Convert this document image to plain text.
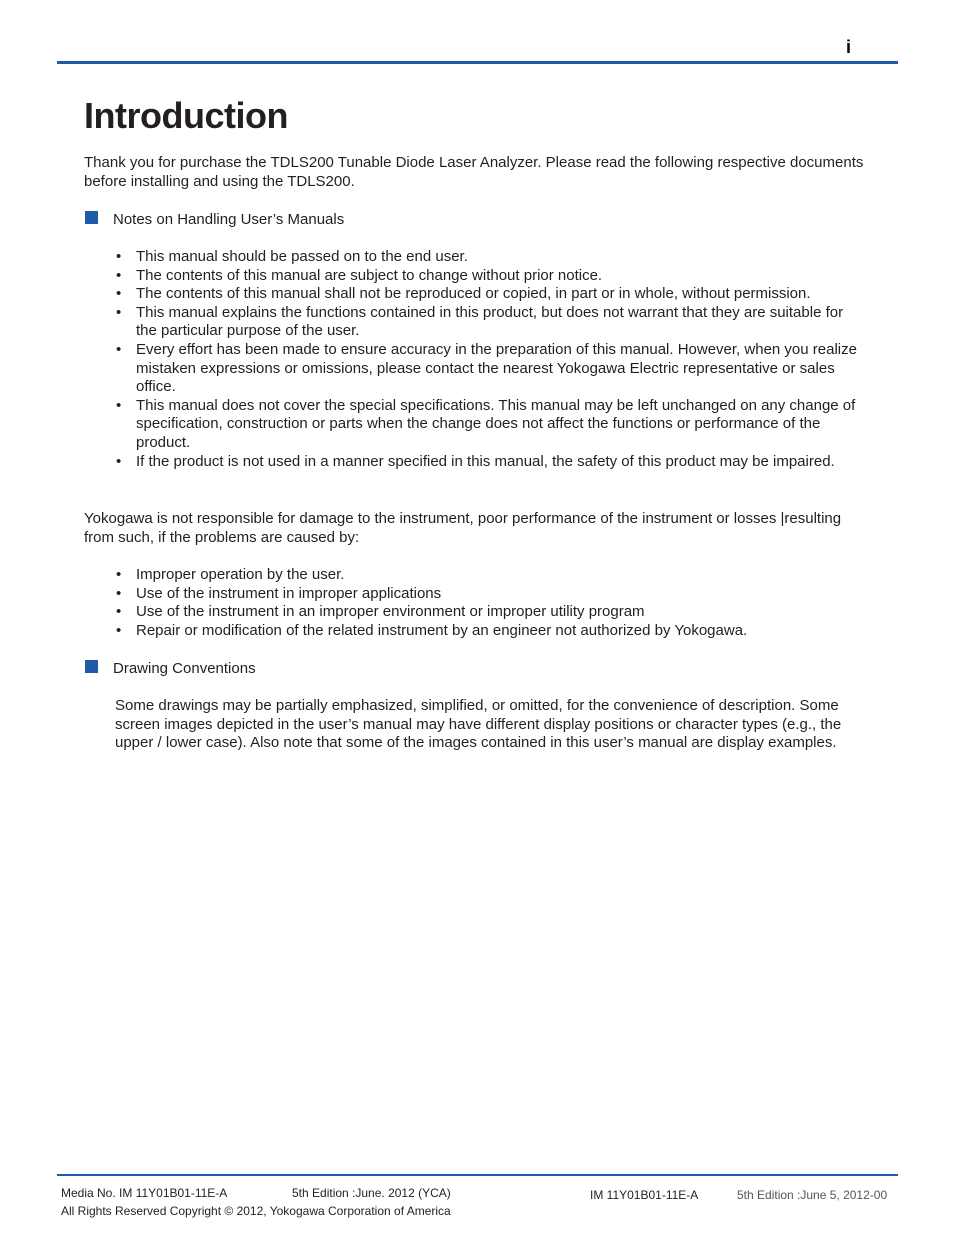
i
Introduction
Thank you for purchase the TDLS200 Tunable Diode Laser Analyzer. Please read the following respective documents before installing and using the TDLS200.
Notes on Handling User’s Manuals
• This manual should be passed on to the end user.
• The contents of this manual are subject to change without prior notice.
• The contents of this manual shall not be reproduced or copied, in part or in whole, without permission.
• This manual explains the functions contained in this product, but does not warrant that they are suitable for the particular purpose of the user.
• Every effort has been made to ensure accuracy in the preparation of this manual. However, when you realize mistaken expressions or omissions, please contact the nearest Yokogawa Electric representative or sales office.
• This manual does not cover the special specifications. This manual may be left unchanged on any change of specification, construction or parts when the change does not affect the functions or performance of the product.
• If the product is not used in a manner specified in this manual, the safety of this product may be impaired.
Yokogawa is not responsible for damage to the instrument, poor performance of the instrument or losses |resulting from such, if the problems are caused by:
• Improper operation by the user.
• Use of the instrument in improper applications
• Use of the instrument in an improper environment or improper utility program
• Repair or modification of the related instrument by an engineer not authorized by Yokogawa.
Drawing Conventions
Some drawings may be partially emphasized, simplified, or omitted, for the convenience of description. Some screen images depicted in the user’s manual may have different display positions or character types (e.g., the upper / lower case). Also note that some of the images contained in this user’s manual are display examples.
Media No. IM 11Y01B01-11E-A	5th Edition :June. 2012 (YCA)
All Rights Reserved Copyright © 2012, Yokogawa Corporation of America
IM 11Y01B01-11E-A	5th Edition :June 5, 2012-00
